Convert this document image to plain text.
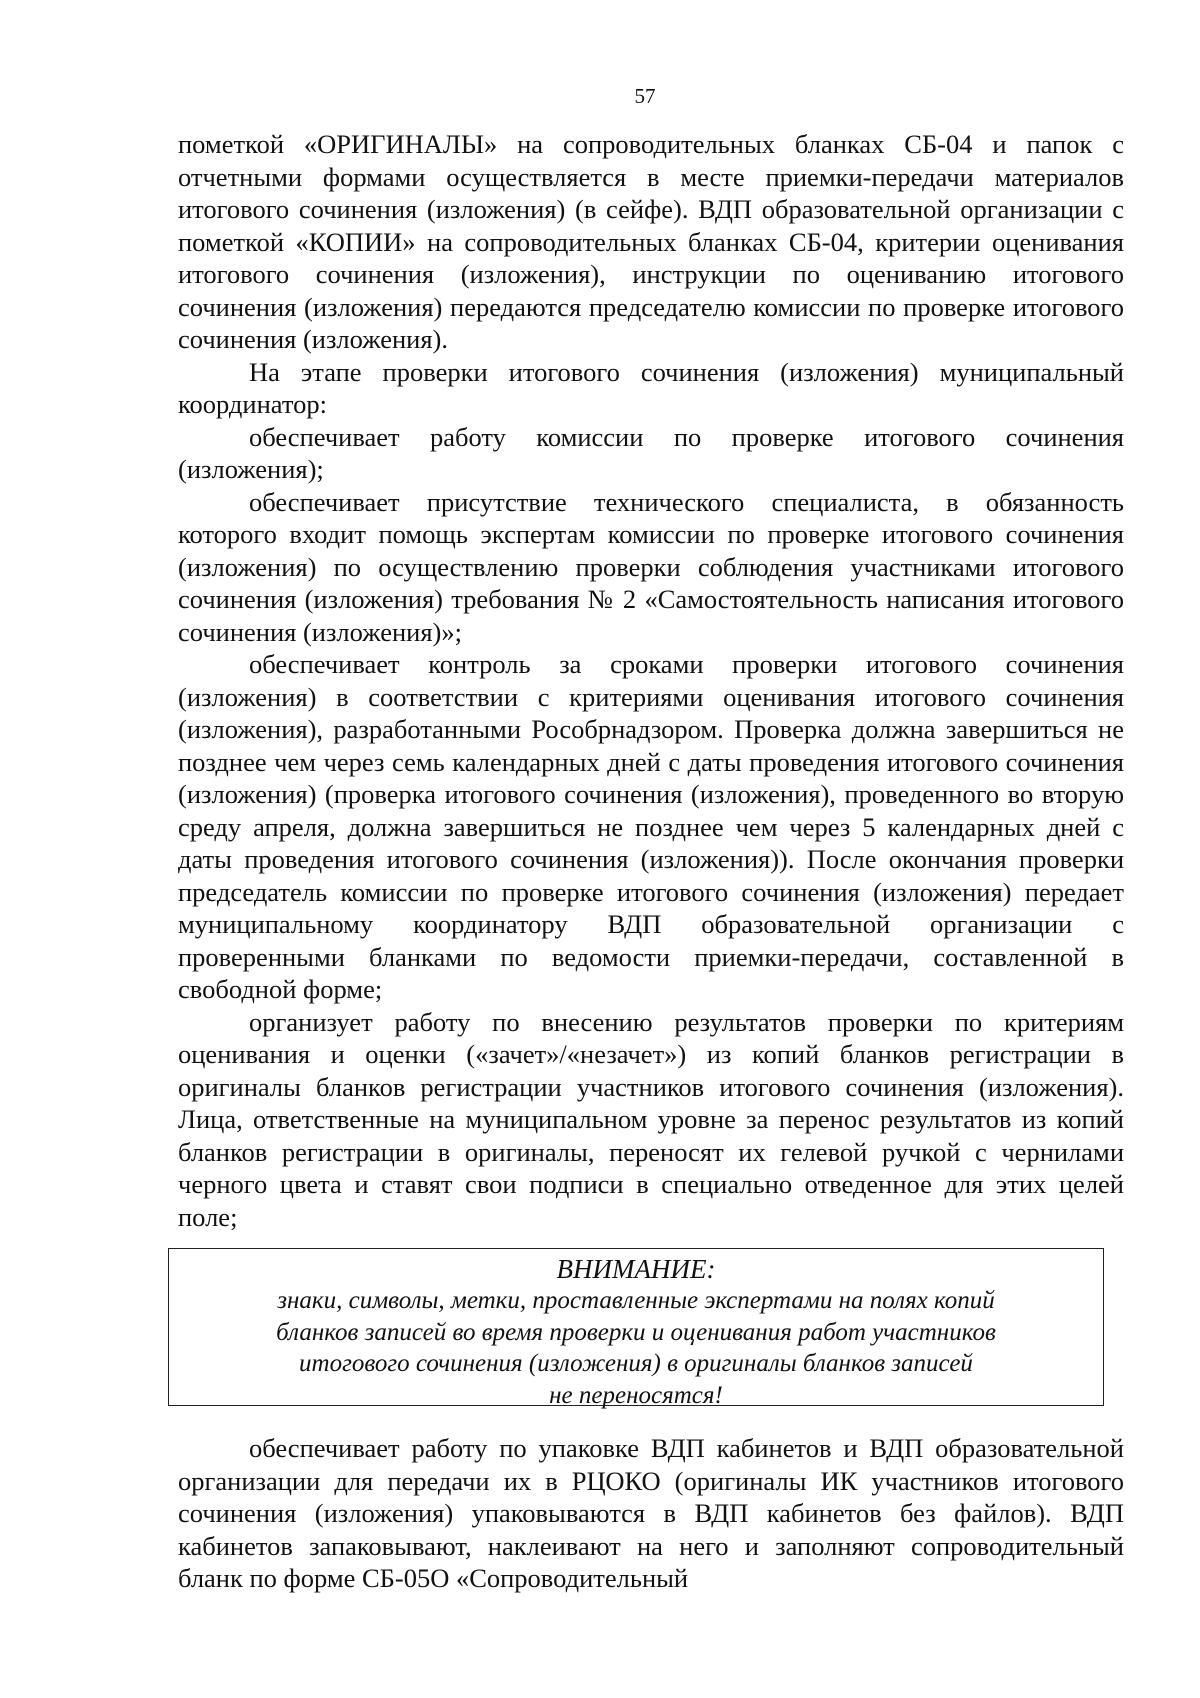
57

пометкой «ОРИГИНАЛЫ» на сопроводительных бланках СБ-04 и папок с отчетными формами осуществляется в месте приемки-передачи материалов итогового сочинения (изложения) (в сейфе). ВДП образовательной организации с пометкой «КОПИИ» на сопроводительных бланках СБ-04, критерии оценивания итогового сочинения (изложения), инструкции по оцениванию итогового сочинения (изложения) передаются председателю комиссии по проверке итогового сочинения (изложения).

На этапе проверки итогового сочинения (изложения) муниципальный координатор:

обеспечивает работу комиссии по проверке итогового сочинения (изложения);

обеспечивает присутствие технического специалиста, в обязанность которого входит помощь экспертам комиссии по проверке итогового сочинения (изложения) по осуществлению проверки соблюдения участниками итогового сочинения (изложения) требования № 2 «Самостоятельность написания итогового сочинения (изложения)»;

обеспечивает контроль за сроками проверки итогового сочинения (изложения) в соответствии с критериями оценивания итогового сочинения (изложения), разработанными Рособрнадзором. Проверка должна завершиться не позднее чем через семь календарных дней с даты проведения итогового сочинения (изложения) (проверка итогового сочинения (изложения), проведенного во вторую среду апреля, должна завершиться не позднее чем через 5 календарных дней с даты проведения итогового сочинения (изложения)). После окончания проверки председатель комиссии по проверке итогового сочинения (изложения) передает муниципальному координатору ВДП образовательной организации с проверенными бланками по ведомости приемки-передачи, составленной в свободной форме;

организует работу по внесению результатов проверки по критериям оценивания и оценки («зачет»/«незачет») из копий бланков регистрации в оригиналы бланков регистрации участников итогового сочинения (изложения). Лица, ответственные на муниципальном уровне за перенос результатов из копий бланков регистрации в оригиналы, переносят их гелевой ручкой с чернилами черного цвета и ставят свои подписи в специально отведенное для этих целей поле;

ВНИМАНИЕ:
знаки, символы, метки, проставленные экспертами на полях копий
бланков записей во время проверки и оценивания работ участников
итогового сочинения (изложения) в оригиналы бланков записей
не переносятся!

обеспечивает работу по упаковке ВДП кабинетов и ВДП образовательной организации для передачи их в РЦОКО (оригиналы ИК участников итогового сочинения (изложения) упаковываются в ВДП кабинетов без файлов). ВДП кабинетов запаковывают, наклеивают на него и заполняют сопроводительный бланк по форме СБ-05О «Сопроводительный
